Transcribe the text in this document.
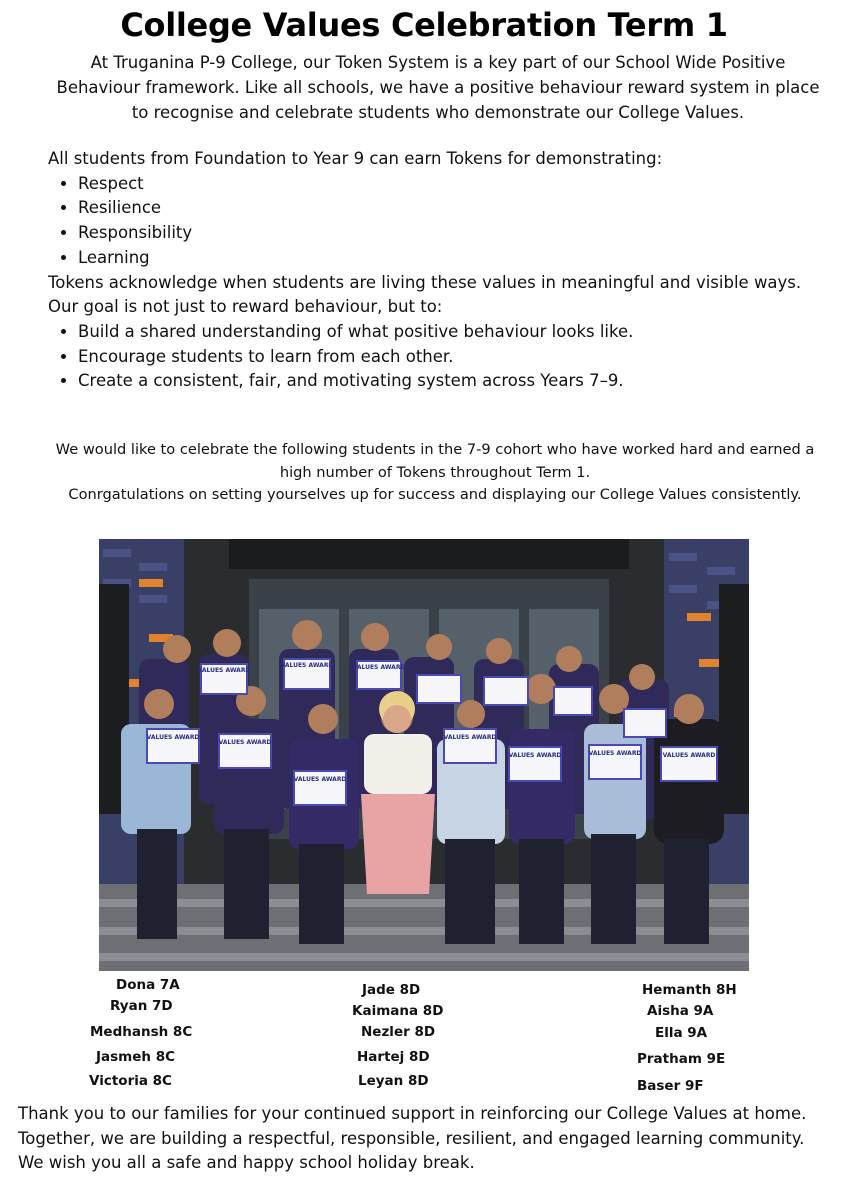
College Values Celebration Term 1
At Truganina P-9 College, our Token System is a key part of our School Wide Positive Behaviour framework. Like all schools, we have a positive behaviour reward system in place to recognise and celebrate students who demonstrate our College Values.

All students from Foundation to Year 9 can earn Tokens for demonstrating:

• Respect
• Resilience
• Responsibility
• Learning

Tokens acknowledge when students are living these values in meaningful and visible ways.

Our goal is not just to reward behaviour, but to:

• Build a shared understanding of what positive behaviour looks like.
• Encourage students to learn from each other.
• Create a consistent, fair, and motivating system across Years 7–9.

We would like to celebrate the following students in the 7-9 cohort who have worked hard and earned a high number of Tokens throughout Term 1.

Conrgatulations on setting yourselves up for success and displaying our College Values consistently.

VALUES AWARD
VALUES AWARD
VALUES AWARD
VALUES AWARD
VALUES AWARD	VALUES AWARD	VALUES AWARD
VALUES AWARD
VALUES AWARD	VALUES AWARD
Dona 7A
Ryan 7D
Medhansh 8C
Jasmeh 8C
Victoria 8C
Jade 8D
Kaimana 8D
Nezler 8D
Hartej 8D
Leyan 8D
Hemanth 8H
Aisha 9A
Ella 9A
Pratham 9E
Baser 9F

Thank you to our families for your continued support in reinforcing our College Values at home.

Together, we are building a respectful, responsible, resilient, and engaged learning community.

We wish you all a safe and happy school holiday break.
